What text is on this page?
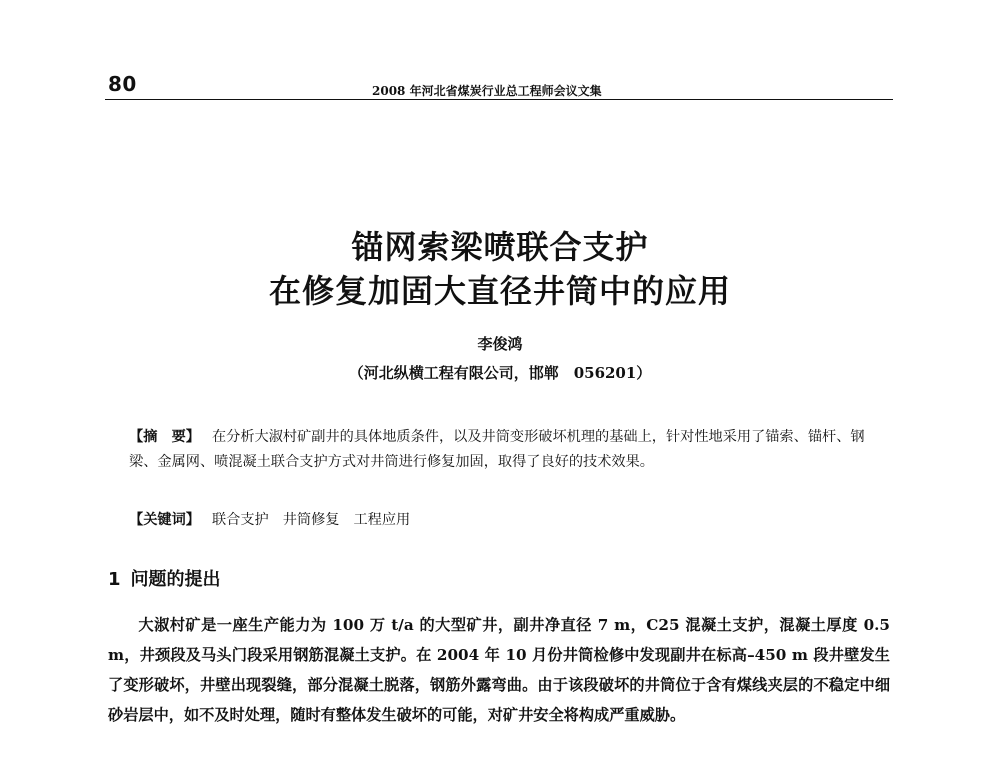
80	2008 年河北省煤炭行业总工程师会议文集
锚网索梁喷联合支护
在修复加固大直径井筒中的应用
李俊鸿
（河北纵横工程有限公司，邯郸　056201）
【摘　要】 在分析大淑村矿副井的具体地质条件，以及井筒变形破坏机理的基础上，针对性地采用了锚索、锚杆、钢梁、金属网、喷混凝土联合支护方式对井筒进行修复加固，取得了良好的技术效果。
【关键词】 联合支护 井筒修复 工程应用
1 问题的提出
大淑村矿是一座生产能力为 100 万 t/a 的大型矿井，副井净直径 7 m，C25 混凝土支护，混凝土厚度 0.5 m，井颈段及马头门段采用钢筋混凝土支护。在 2004 年 10 月份井筒检修中发现副井在标高–450 m 段井壁发生了变形破坏，井壁出现裂缝，部分混凝土脱落，钢筋外露弯曲。由于该段破坏的井筒位于含有煤线夹层的不稳定中细砂岩层中，如不及时处理，随时有整体发生破坏的可能，对矿井安全将构成严重威胁。
